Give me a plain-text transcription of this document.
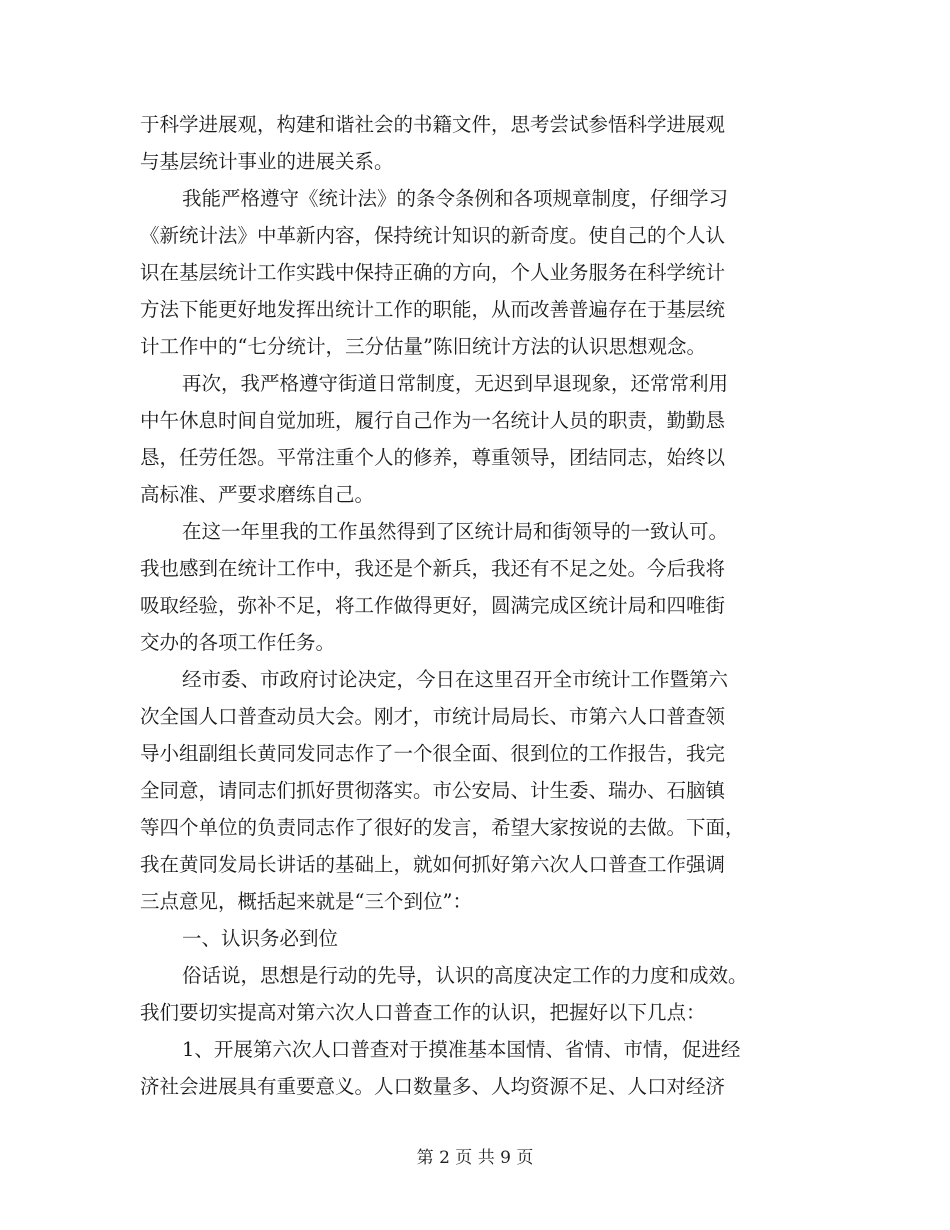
于科学进展观，构建和谐社会的书籍文件，思考尝试参悟科学进展观
与基层统计事业的进展关系。
我能严格遵守《统计法》的条令条例和各项规章制度，仔细学习
《新统计法》中革新内容，保持统计知识的新奇度。使自己的个人认
识在基层统计工作实践中保持正确的方向，个人业务服务在科学统计
方法下能更好地发挥出统计工作的职能，从而改善普遍存在于基层统
计工作中的“七分统计，三分估量”陈旧统计方法的认识思想观念。
再次，我严格遵守街道日常制度，无迟到早退现象，还常常利用
中午休息时间自觉加班，履行自己作为一名统计人员的职责，勤勤恳
恳，任劳任怨。平常注重个人的修养，尊重领导，团结同志，始终以
高标准、严要求磨练自己。
在这一年里我的工作虽然得到了区统计局和街领导的一致认可。
我也感到在统计工作中，我还是个新兵，我还有不足之处。今后我将
吸取经验，弥补不足，将工作做得更好，圆满完成区统计局和四唯街
交办的各项工作任务。
经市委、市政府讨论决定，今日在这里召开全市统计工作暨第六
次全国人口普查动员大会。刚才，市统计局局长、市第六人口普查领
导小组副组长黄同发同志作了一个很全面、很到位的工作报告，我完
全同意，请同志们抓好贯彻落实。市公安局、计生委、瑞办、石脑镇
等四个单位的负责同志作了很好的发言，希望大家按说的去做。下面，
我在黄同发局长讲话的基础上，就如何抓好第六次人口普查工作强调
三点意见，概括起来就是“三个到位”：
一、认识务必到位
俗话说，思想是行动的先导，认识的高度决定工作的力度和成效。
我们要切实提高对第六次人口普查工作的认识，把握好以下几点：
1、开展第六次人口普查对于摸准基本国情、省情、市情，促进经
济社会进展具有重要意义。人口数量多、人均资源不足、人口对经济
第 2 页 共 9 页
